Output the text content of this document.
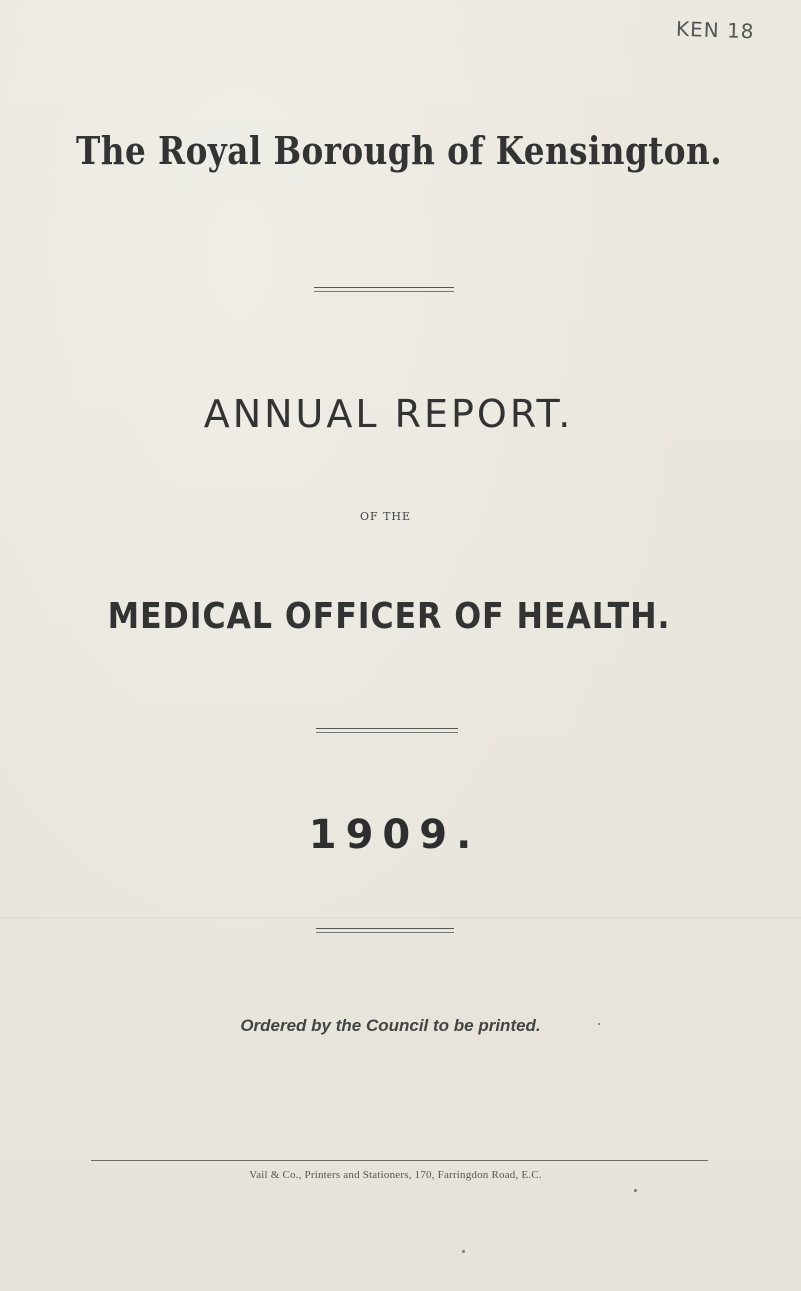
KEN 18
The Royal Borough of Kensington.
ANNUAL REPORT.
OF THE
MEDICAL OFFICER OF HEALTH.
1909.
Ordered by the Council to be printed.
Vail & Co., Printers and Stationers, 170, Farringdon Road, E.C.
